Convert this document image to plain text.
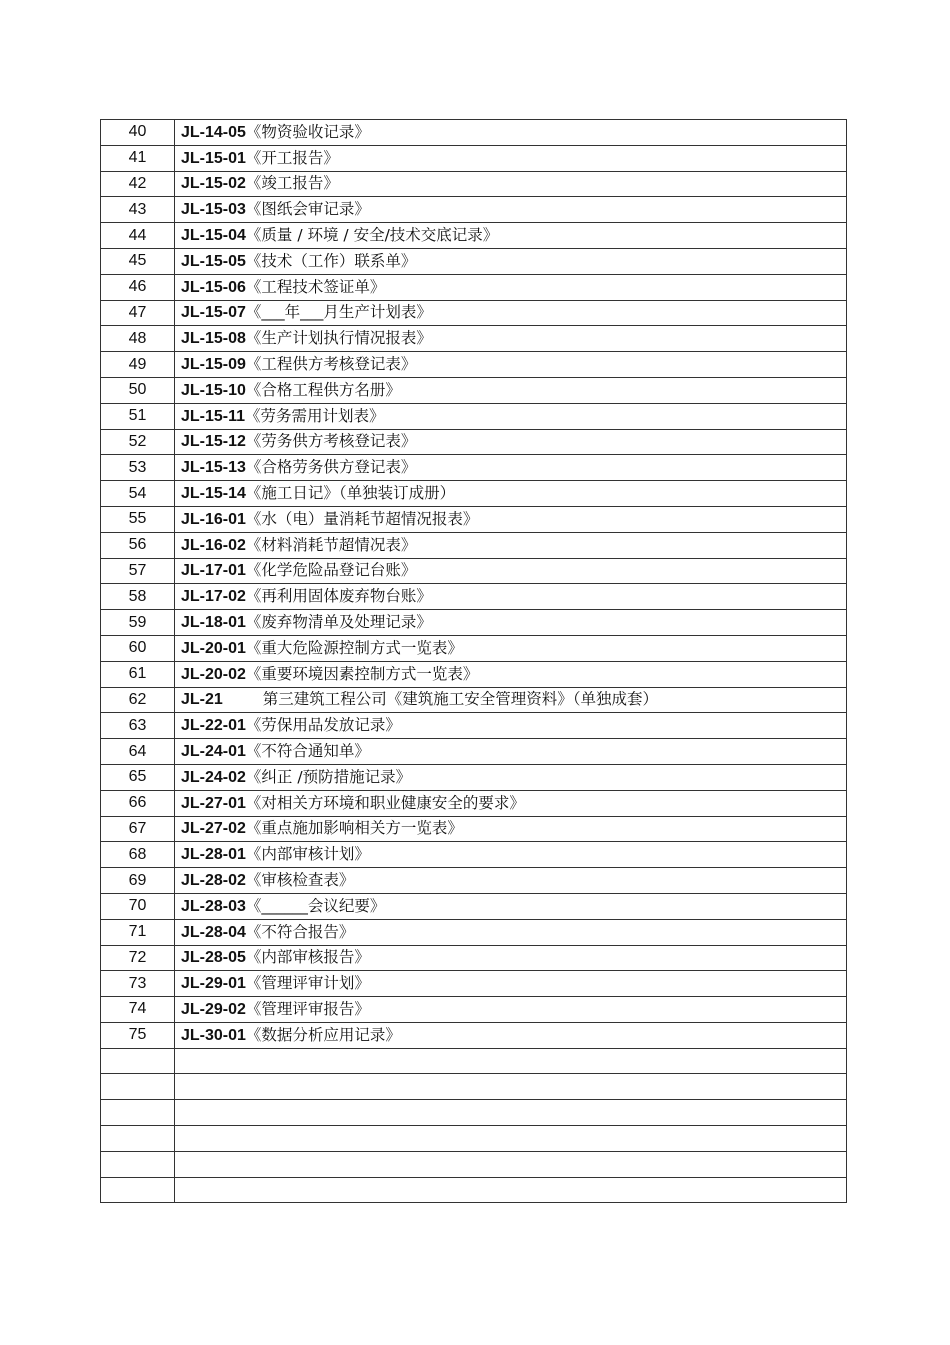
40	JL-14-05《物资验收记录》
41	JL-15-01《开工报告》
42	JL-15-02《竣工报告》
43	JL-15-03《图纸会审记录》
44	JL-15-04《质量 / 环境 / 安全/技术交底记录》
45	JL-15-05《技术（工作）联系单》
46	JL-15-06《工程技术签证单》
47	JL-15-07《___年___月生产计划表》
48	JL-15-08《生产计划执行情况报表》
49	JL-15-09《工程供方考核登记表》
50	JL-15-10《合格工程供方名册》
51	JL-15-11《劳务需用计划表》
52	JL-15-12《劳务供方考核登记表》
53	JL-15-13《合格劳务供方登记表》
54	JL-15-14《施工日记》（单独装订成册）
55	JL-16-01《水（电）量消耗节超情况报表》
56	JL-16-02《材料消耗节超情况表》
57	JL-17-01《化学危险品登记台账》
58	JL-17-02《再利用固体废弃物台账》
59	JL-18-01《废弃物清单及处理记录》
60	JL-20-01《重大危险源控制方式一览表》
61	JL-20-02《重要环境因素控制方式一览表》
62	JL-21 第三建筑工程公司《建筑施工安全管理资料》（单独成套）
63	JL-22-01《劳保用品发放记录》
64	JL-24-01《不符合通知单》
65	JL-24-02《纠正 /预防措施记录》
66	JL-27-01《对相关方环境和职业健康安全的要求》
67	JL-27-02《重点施加影响相关方一览表》
68	JL-28-01《内部审核计划》
69	JL-28-02《审核检查表》
70	JL-28-03《______会议纪要》
71	JL-28-04《不符合报告》
72	JL-28-05《内部审核报告》
73	JL-29-01《管理评审计划》
74	JL-29-02《管理评审报告》
75	JL-30-01《数据分析应用记录》
